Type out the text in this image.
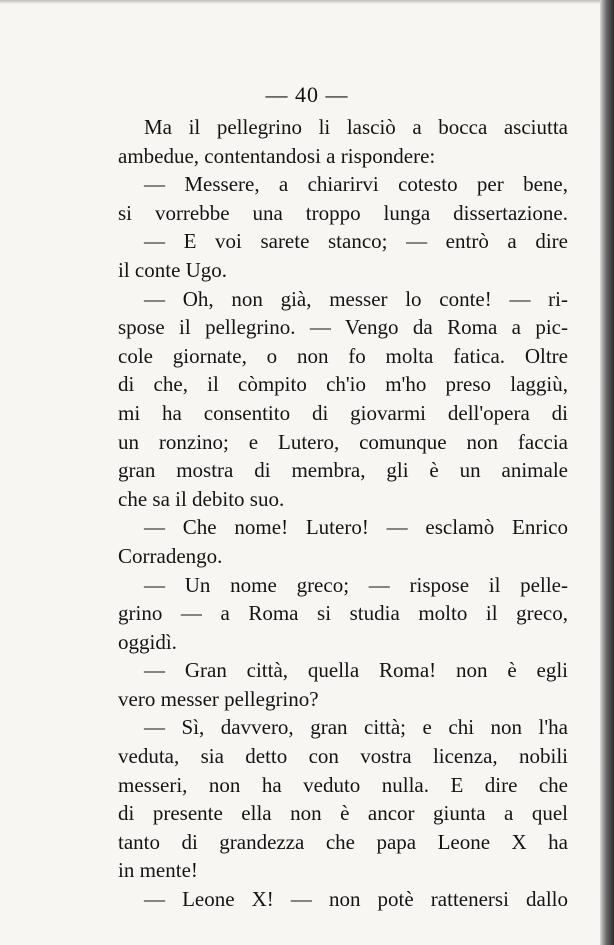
— 40 —
Ma il pellegrino li lasciò a bocca asciutta
ambedue, contentandosi a rispondere:
— Messere, a chiarirvi cotesto per bene,
si vorrebbe una troppo lunga dissertazione.
— E voi sarete stanco; — entrò a dire
il conte Ugo.
— Oh, non già, messer lo conte! — ri-
spose il pellegrino. — Vengo da Roma a pic-
cole giornate, o non fo molta fatica. Oltre
di che, il còmpito ch'io m'ho preso laggiù,
mi ha consentito di giovarmi dell'opera di
un ronzino; e Lutero, comunque non faccia
gran mostra di membra, gli è un animale
che sa il debito suo.
— Che nome! Lutero! — esclamò Enrico
Corradengo.
— Un nome greco; — rispose il pelle-
grino — a Roma si studia molto il greco,
oggidì.
— Gran città, quella Roma! non è egli
vero messer pellegrino?
— Sì, davvero, gran città; e chi non l'ha
veduta, sia detto con vostra licenza, nobili
messeri, non ha veduto nulla. E dire che
di presente ella non è ancor giunta a quel
tanto di grandezza che papa Leone X ha
in mente!
— Leone X! — non potè rattenersi dallo
